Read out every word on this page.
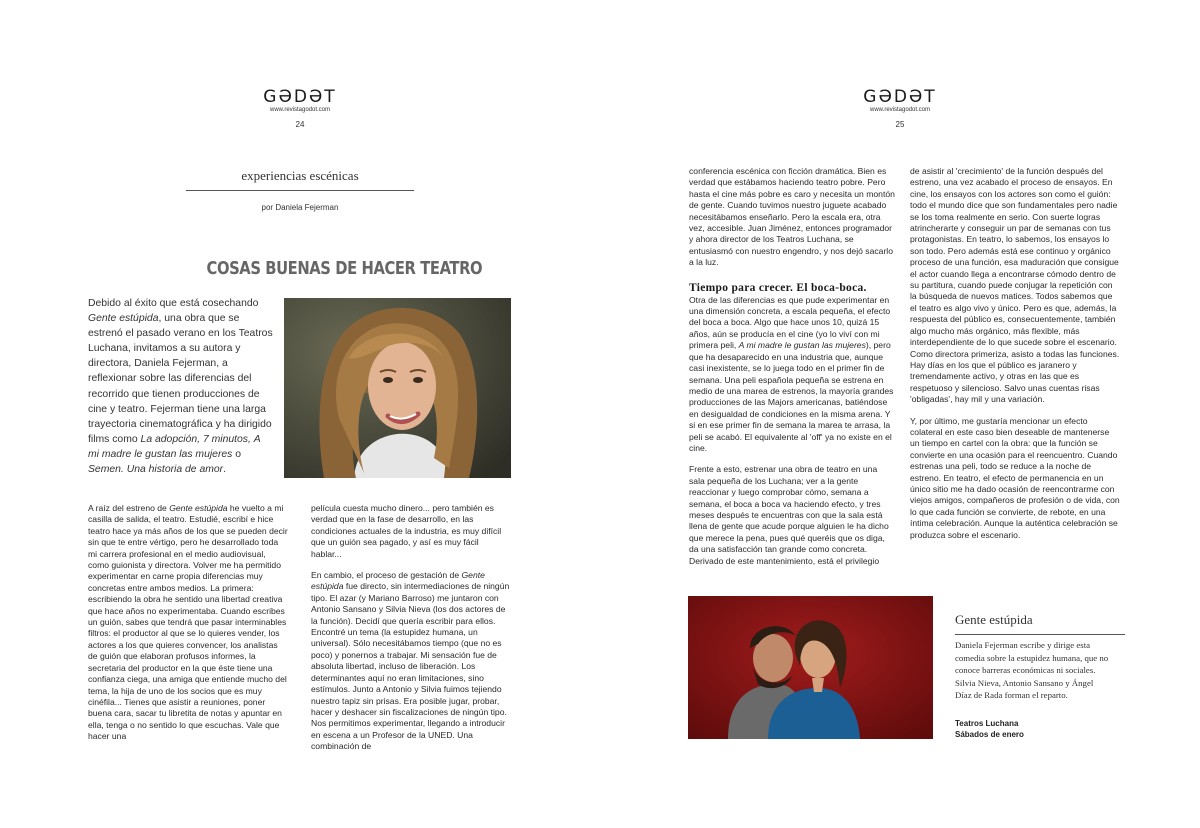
GƏDƏT
www.revistagodot.com
24
experiencias escénicas
por Daniela Fejerman
COSAS BUENAS DE HACER TEATRO
Debido al éxito que está cosechando Gente estúpida, una obra que se estrenó el pasado verano en los Teatros Luchana, invitamos a su autora y directora, Daniela Fejerman, a reflexionar sobre las diferencias del recorrido que tienen producciones de cine y teatro. Fejerman tiene una larga trayectoria cinematográfica y ha dirigido films como La adopción, 7 minutos, A mi madre le gustan las mujeres o Semen. Una historia de amor.

A raíz del estreno de Gente estúpida he vuelto a mi casilla de salida, el teatro. Estudié, escribí e hice teatro hace ya más años de los que se pueden decir sin que te entre vértigo, pero he desarrollado toda mi carrera profesional en el medio audiovisual, como guionista y directora. Volver me ha permitido experimentar en carne propia diferencias muy concretas entre ambos medios. La primera: escribiendo la obra he sentido una libertad creativa que hace años no experimentaba. Cuando escribes un guión, sabes que tendrá que pasar interminables filtros: el productor al que se lo quieres vender, los actores a los que quieres convencer, los analistas de guión que elaboran profusos informes, la secretaria del productor en la que éste tiene una confianza ciega, una amiga que entiende mucho del tema, la hija de uno de los socios que es muy cinéfila... Tienes que asistir a reuniones, poner buena cara, sacar tu libretita de notas y apuntar en ella, tenga o no sentido lo que escuchas. Vale que hacer una

película cuesta mucho dinero... pero también es verdad que en la fase de desarrollo, en las condiciones actuales de la industria, es muy difícil que un guión sea pagado, y así es muy fácil hablar...

En cambio, el proceso de gestación de Gente estúpida fue directo, sin intermediaciones de ningún tipo. El azar (y Mariano Barroso) me juntaron con Antonio Sansano y Silvia Nieva (los dos actores de la función). Decidí que quería escribir para ellos. Encontré un tema (la estupidez humana, un universal). Sólo necesitábamos tiempo (que no es poco) y ponernos a trabajar. Mi sensación fue de absoluta libertad, incluso de liberación. Los determinantes aquí no eran limitaciones, sino estímulos. Junto a Antonio y Silvia fuimos tejiendo nuestro tapiz sin prisas. Era posible jugar, probar, hacer y deshacer sin fiscalizaciones de ningún tipo. Nos permitimos experimentar, llegando a introducir en escena a un Profesor de la UNED. Una combinación de

GƏDƏT
www.revistagodot.com
25

conferencia escénica con ficción dramática. Bien es verdad que estábamos haciendo teatro pobre. Pero hasta el cine más pobre es caro y necesita un montón de gente. Cuando tuvimos nuestro juguete acabado necesitábamos enseñarlo. Pero la escala era, otra vez, accesible. Juan Jiménez, entonces programador y ahora director de los Teatros Luchana, se entusiasmó con nuestro engendro, y nos dejó sacarlo a la luz.

Tiempo para crecer. El boca-boca.

Otra de las diferencias es que pude experimentar en una dimensión concreta, a escala pequeña, el efecto del boca a boca. Algo que hace unos 10, quizá 15 años, aún se producía en el cine (yo lo viví con mi primera peli, A mi madre le gustan las mujeres), pero que ha desaparecido en una industria que, aunque casi inexistente, se lo juega todo en el primer fin de semana. Una peli española pequeña se estrena en medio de una marea de estrenos, la mayoría grandes producciones de las Majors americanas, batiéndose en desigualdad de condiciones en la misma arena. Y si en ese primer fin de semana la marea te arrasa, la peli se acabó. El equivalente al 'off' ya no existe en el cine.

Frente a esto, estrenar una obra de teatro en una sala pequeña de los Luchana; ver a la gente reaccionar y luego comprobar cómo, semana a semana, el boca a boca va haciendo efecto, y tres meses después te encuentras con que la sala está llena de gente que acude porque alguien le ha dicho que merece la pena, pues qué queréis que os diga, da una satisfacción tan grande como concreta. Derivado de este mantenimiento, está el privilegio

de asistir al 'crecimiento' de la función después del estreno, una vez acabado el proceso de ensayos. En cine, los ensayos con los actores son como el guión: todo el mundo dice que son fundamentales pero nadie se los toma realmente en serio. Con suerte logras atrincherarte y conseguir un par de semanas con tus protagonistas. En teatro, lo sabemos, los ensayos lo son todo. Pero además está ese continuo y orgánico proceso de una función, esa maduración que consigue el actor cuando llega a encontrarse cómodo dentro de su partitura, cuando puede conjugar la repetición con la búsqueda de nuevos matices. Todos sabemos que el teatro es algo vivo y único. Pero es que, además, la respuesta del público es, consecuentemente, también algo mucho más orgánico, más flexible, más interdependiente de lo que sucede sobre el escenario. Como directora primeriza, asisto a todas las funciones. Hay días en los que el público es jaranero y tremendamente activo, y otras en las que es respetuoso y silencioso. Salvo unas cuentas risas 'obligadas', hay mil y una variación.

Y, por último, me gustaría mencionar un efecto colateral en este caso bien deseable de mantenerse un tiempo en cartel con la obra: que la función se convierte en una ocasión para el reencuentro. Cuando estrenas una peli, todo se reduce a la noche de estreno. En teatro, el efecto de permanencia en un único sitio me ha dado ocasión de reencontrarme con viejos amigos, compañeros de profesión o de vida, con lo que cada función se convierte, de rebote, en una íntima celebración. Aunque la auténtica celebración se produzca sobre el escenario.

Gente estúpida
Daniela Fejerman escribe y dirige esta comedia sobre la estupidez humana, que no conoce barreras económicas ni sociales. Silvia Nieva, Antonio Sansano y Ángel Díaz de Rada forman el reparto.
Teatros Luchana
Sábados de enero
